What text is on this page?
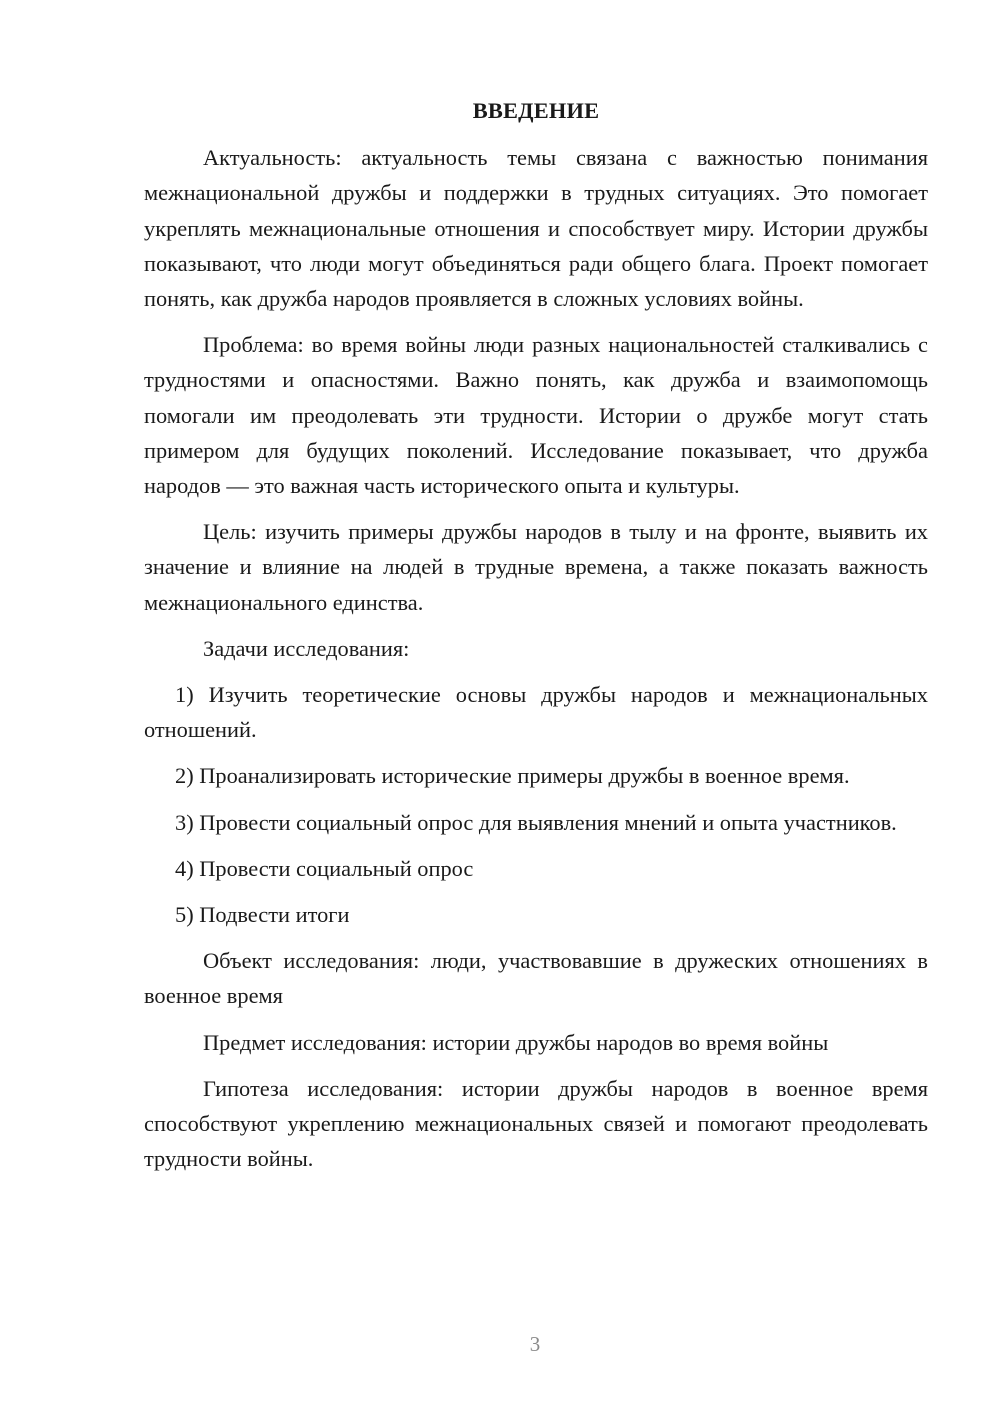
ВВЕДЕНИЕ

Актуальность: актуальность темы связана с важностью понимания межнациональной дружбы и поддержки в трудных ситуациях. Это помогает укреплять межнациональные отношения и способствует миру. Истории дружбы показывают, что люди могут объединяться ради общего блага. Проект помогает понять, как дружба народов проявляется в сложных условиях войны.

Проблема: во время войны люди разных национальностей сталкивались с трудностями и опасностями. Важно понять, как дружба и взаимопомощь помогали им преодолевать эти трудности. Истории о дружбе могут стать примером для будущих поколений. Исследование показывает, что дружба народов — это важная часть исторического опыта и культуры.

Цель: изучить примеры дружбы народов в тылу и на фронте, выявить их значение и влияние на людей в трудные времена, а также показать важность межнационального единства.

Задачи исследования:

1) Изучить теоретические основы дружбы народов и межнациональных отношений.

2) Проанализировать исторические примеры дружбы в военное время.

3) Провести социальный опрос для выявления мнений и опыта участников.

4) Провести социальный опрос

5) Подвести итоги

Объект исследования: люди, участвовавшие в дружеских отношениях в военное время

Предмет исследования: истории дружбы народов во время войны

Гипотеза исследования: истории дружбы народов в военное время способствуют укреплению межнациональных связей и помогают преодолевать трудности войны.

3
